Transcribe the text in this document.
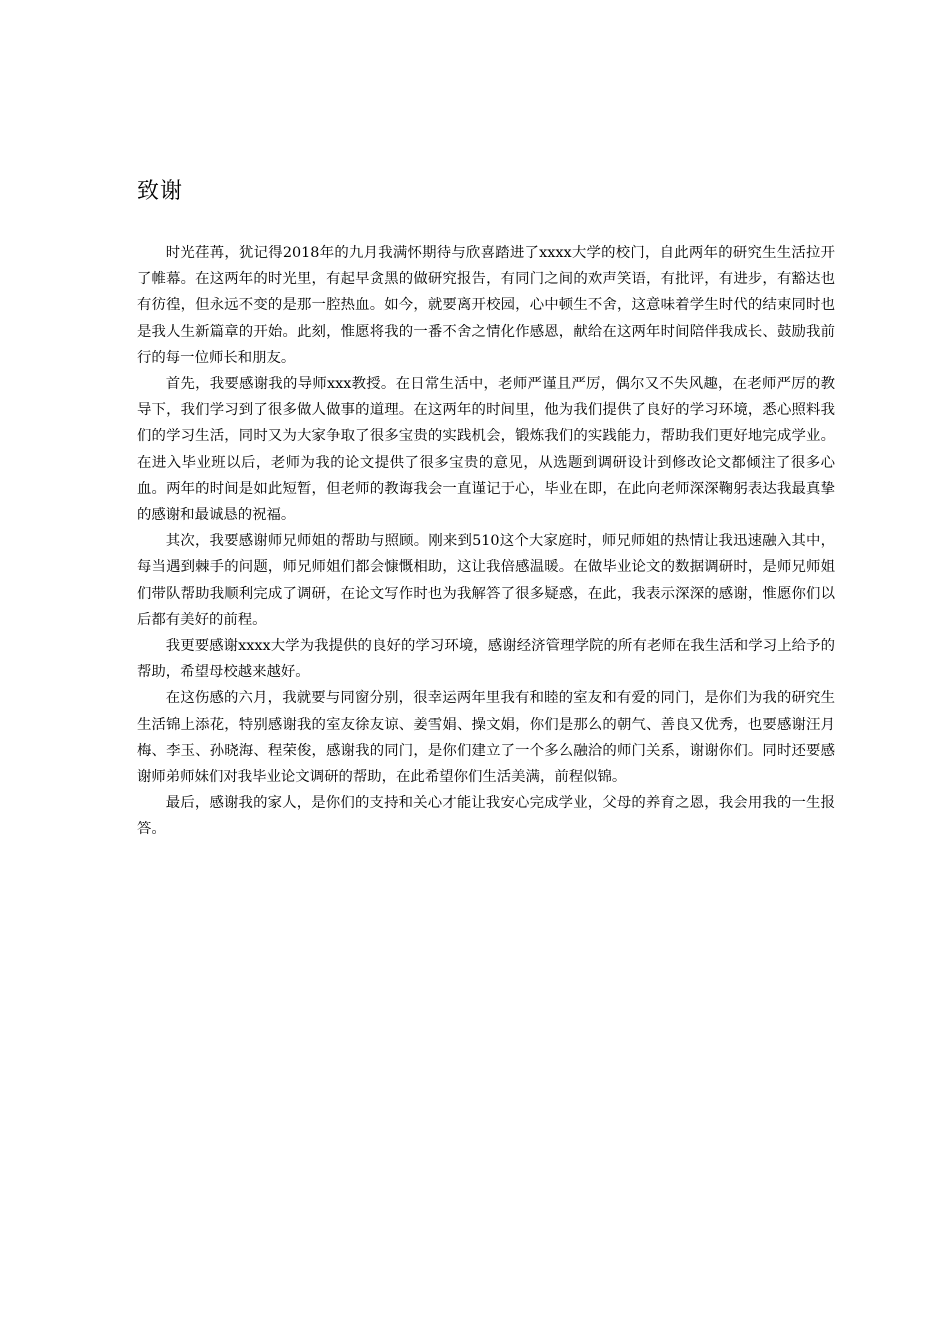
致谢

时光荏苒，犹记得2018年的九月我满怀期待与欣喜踏进了xxxx大学的校门，自此两年的研究生生活拉开了帷幕。在这两年的时光里，有起早贪黑的做研究报告，有同门之间的欢声笑语，有批评，有进步，有豁达也有彷徨，但永远不变的是那一腔热血。如今，就要离开校园，心中顿生不舍，这意味着学生时代的结束同时也是我人生新篇章的开始。此刻，惟愿将我的一番不舍之情化作感恩，献给在这两年时间陪伴我成长、鼓励我前行的每一位师长和朋友。

首先，我要感谢我的导师xxx教授。在日常生活中，老师严谨且严厉，偶尔又不失风趣，在老师严厉的教导下，我们学习到了很多做人做事的道理。在这两年的时间里，他为我们提供了良好的学习环境，悉心照料我们的学习生活，同时又为大家争取了很多宝贵的实践机会，锻炼我们的实践能力，帮助我们更好地完成学业。在进入毕业班以后，老师为我的论文提供了很多宝贵的意见，从选题到调研设计到修改论文都倾注了很多心血。两年的时间是如此短暂，但老师的教诲我会一直谨记于心，毕业在即，在此向老师深深鞠躬表达我最真挚的感谢和最诚恳的祝福。

其次，我要感谢师兄师姐的帮助与照顾。刚来到510这个大家庭时，师兄师姐的热情让我迅速融入其中，每当遇到棘手的问题，师兄师姐们都会慷慨相助，这让我倍感温暖。在做毕业论文的数据调研时，是师兄师姐们带队帮助我顺利完成了调研，在论文写作时也为我解答了很多疑惑，在此，我表示深深的感谢，惟愿你们以后都有美好的前程。

我更要感谢xxxx大学为我提供的良好的学习环境，感谢经济管理学院的所有老师在我生活和学习上给予的帮助，希望母校越来越好。

在这伤感的六月，我就要与同窗分别，很幸运两年里我有和睦的室友和有爱的同门，是你们为我的研究生生活锦上添花，特别感谢我的室友徐友谅、姜雪娟、操文娟，你们是那么的朝气、善良又优秀，也要感谢汪月梅、李玉、孙晓海、程荣俊，感谢我的同门，是你们建立了一个多么融洽的师门关系，谢谢你们。同时还要感谢师弟师妹们对我毕业论文调研的帮助，在此希望你们生活美满，前程似锦。

最后，感谢我的家人，是你们的支持和关心才能让我安心完成学业，父母的养育之恩，我会用我的一生报答。
